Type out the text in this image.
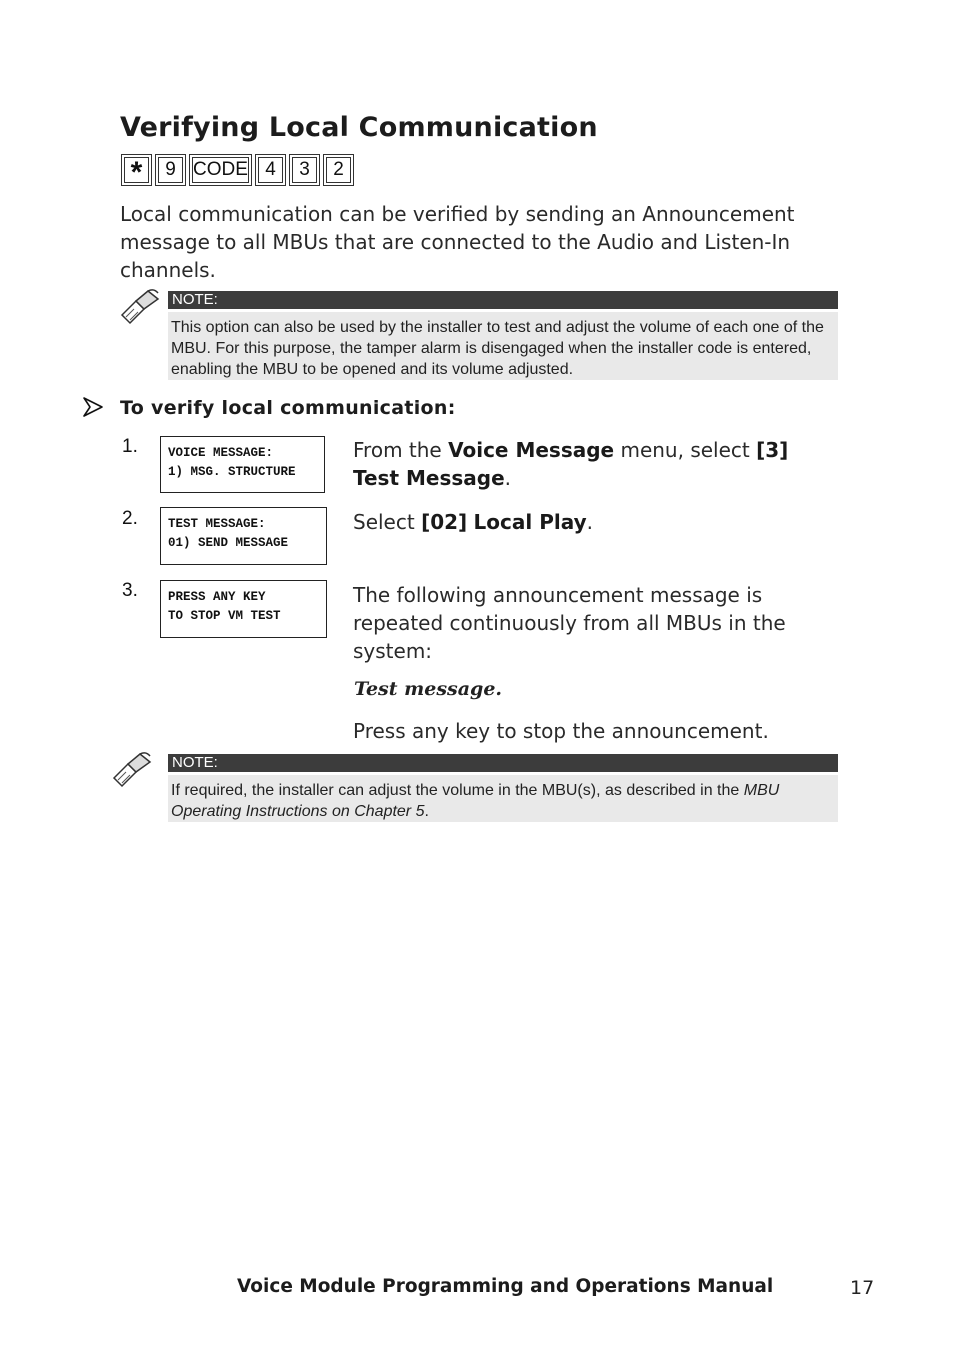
Verifying Local Communication
*	9 CODE 4	3	2

Local communication can be verified by sending an Announcement message to all MBUs that are connected to the Audio and Listen-In channels.

NOTE:
This option can also be used by the installer to test and adjust the volume of each one of the MBU. For this purpose, the tamper alarm is disengaged when the installer code is entered, enabling the MBU to be opened and its volume adjusted.
To verify local communication:
1. VOICE MESSAGE:
1) MSG. STRUCTURE

From the Voice Message menu, select [3] Test Message.

2. TEST MESSAGE:
01) SEND MESSAGE

Select [02] Local Play.

3. PRESS ANY KEY
TO STOP VM TEST

The following announcement message is repeated continuously from all MBUs in the system:

Test message.

Press any key to stop the announcement.

NOTE:
If required, the installer can adjust the volume in the MBU(s), as described in the MBU Operating Instructions on Chapter 5.

Voice Module Programming and Operations Manual	17
